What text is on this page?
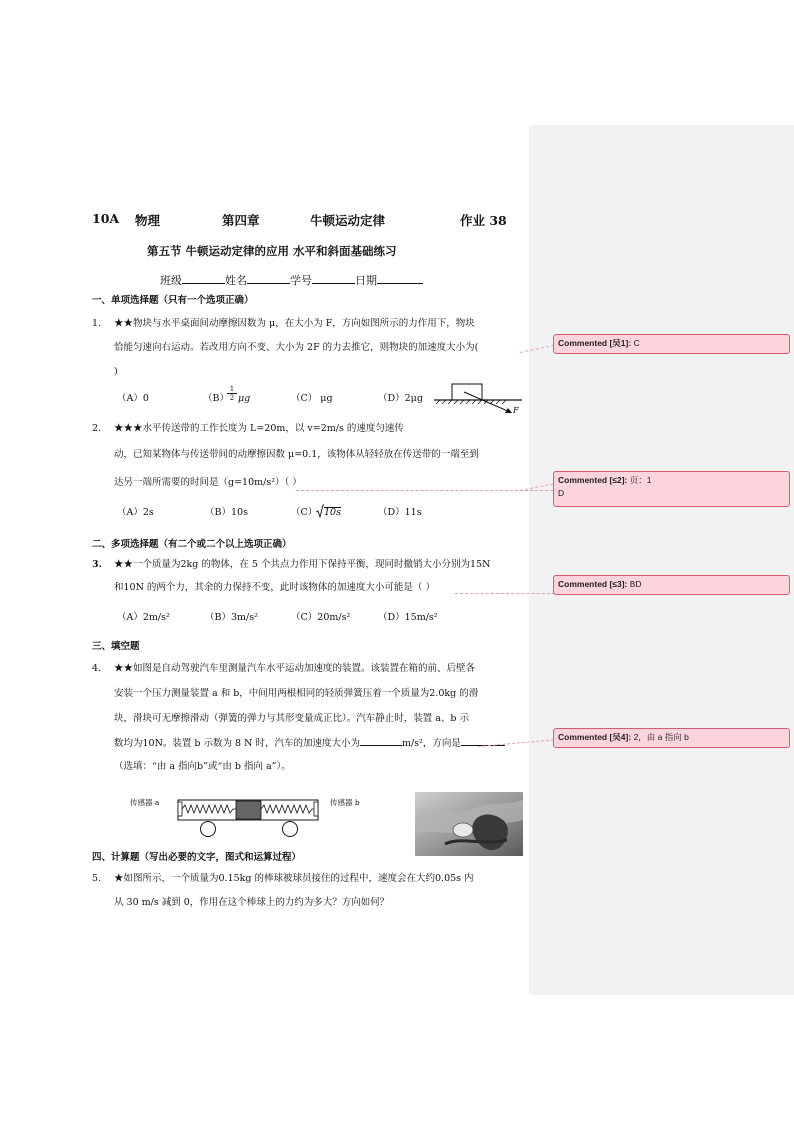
10A 物理	第四章	牛顿运动定律	作业 38
第五节 牛顿运动定律的应用 水平和斜面基础练习
班级	姓名	学号	日期
一、单项选择题（只有一个选项正确）
1. ★★物块与水平桌面间动摩擦因数为 μ，在大小为 F，方向如图所示的力作用下，物块
恰能匀速向右运动。若改用方向不变、大小为 2F 的力去推它，则物块的加速度大小为(
)
（A）0	（B）
$\frac{1}{2}$ μg	（C） μg	（D）2μg
F
2. ★★★水平传送带的工作长度为 L=20m，以 v=2m/s 的速度匀速传
动，已知某物体与传送带间的动摩擦因数 μ=0.1，该物体从轻轻放在传送带的一端至到
达另一端所需要的时间是（g=10m/s²）（ ）
（A）2s	（B）10s	（C） 10s	（D）11s
二、多项选择题（有二个或二个以上选项正确）
3. ★★一个质量为2kg 的物体，在 5 个共点力作用下保持平衡，现同时撤销大小分别为15N
和10N 的两个力，其余的力保持不变，此时该物体的加速度大小可能是（ ）
（A）2m/s²	（B）3m/s²	（C）20m/s²	（D）15m/s²
三、填空题
4. ★★如图是自动驾驶汽车里测量汽车水平运动加速度的装置。该装置在箱的前、后壁各
安装一个压力测量装置 a 和 b，中间用两根相同的轻质弹簧压着一个质量为2.0kg 的滑
块，滑块可无摩擦滑动（弹簧的弹力与其形变量成正比）。汽车静止时，装置 a、b 示
数均为10N。装置 b 示数为 8 N 时，汽车的加速度大小为	m/s²，方向是
（选填：“由 a 指向b”或“由 b 指向 a”）。
传感器 a	传感器 b
四、计算题（写出必要的文字，图式和运算过程）
5. ★如图所示，一个质量为0.15kg 的棒球被球员接住的过程中，速度会在大约0.05s 内
从 30 m/s 减到 0，作用在这个棒球上的力约为多大？方向如何？
Commented [吴1]: C
Commented [≤2]: 页：1
D
Commented [≤3]: BD
Commented [吴4]: 2，由 a 指向 b
